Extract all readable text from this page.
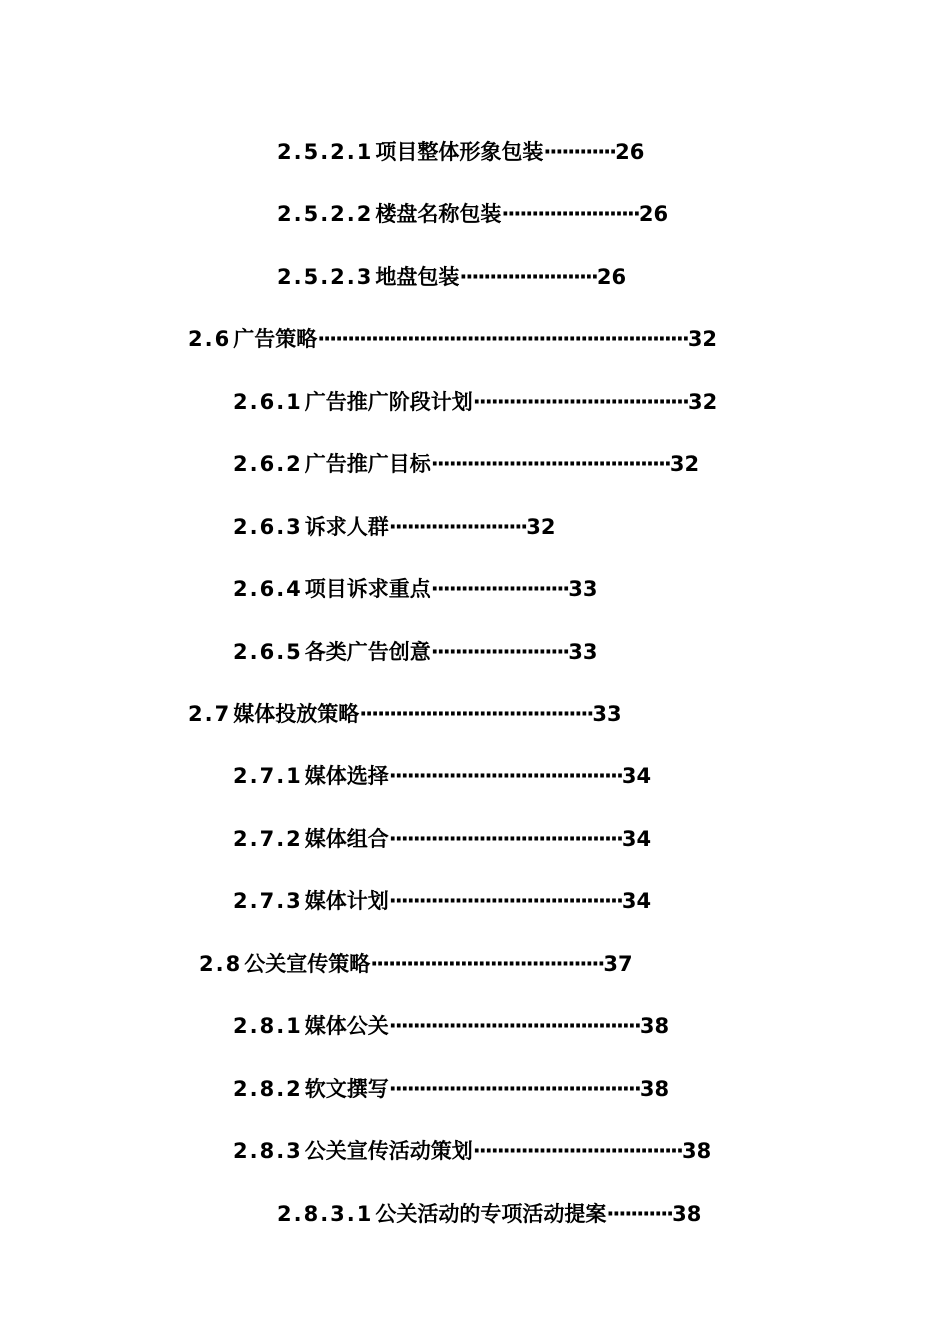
2.5.2.1项目整体形象包装············26
2.5.2.2楼盘名称包装·······················26
2.5.2.3地盘包装·······················26
2.6广告策略······························································32
2.6.1广告推广阶段计划····································32
2.6.2广告推广目标········································32
2.6.3诉求人群·······················32
2.6.4项目诉求重点·······················33
2.6.5各类广告创意·······················33
2.7媒体投放策略·······································33
2.7.1媒体选择·······································34
2.7.2媒体组合·······································34
2.7.3媒体计划·······································34
2.8公关宣传策略·······································37
2.8.1媒体公关··········································38
2.8.2软文撰写··········································38
2.8.3公关宣传活动策划···································38
2.8.3.1公关活动的专项活动提案···········38
